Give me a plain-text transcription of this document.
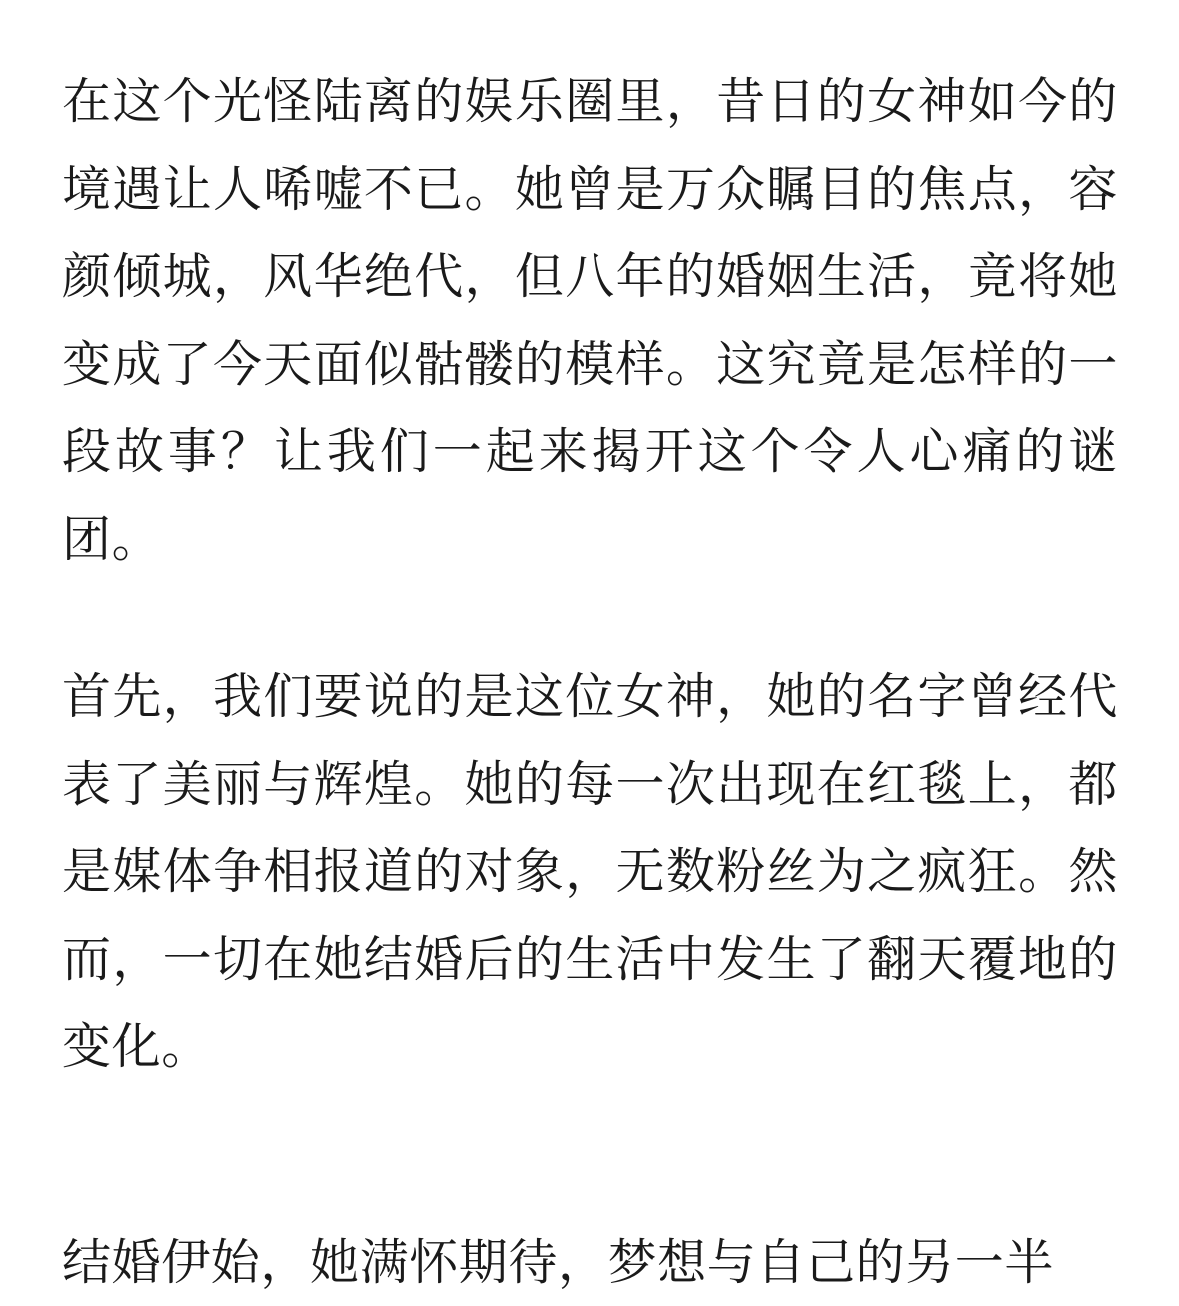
在这个光怪陆离的娱乐圈里，昔日的女神如今的境遇让人唏嘘不已。她曾是万众瞩目的焦点，容颜倾城，风华绝代，但八年的婚姻生活，竟将她变成了今天面似骷髅的模样。这究竟是怎样的一段故事？让我们一起来揭开这个令人心痛的谜团。

首先，我们要说的是这位女神，她的名字曾经代表了美丽与辉煌。她的每一次出现在红毯上，都是媒体争相报道的对象，无数粉丝为之疯狂。然而，一切在她结婚后的生活中发生了翻天覆地的变化。

结婚伊始，她满怀期待，梦想与自己的另一半
